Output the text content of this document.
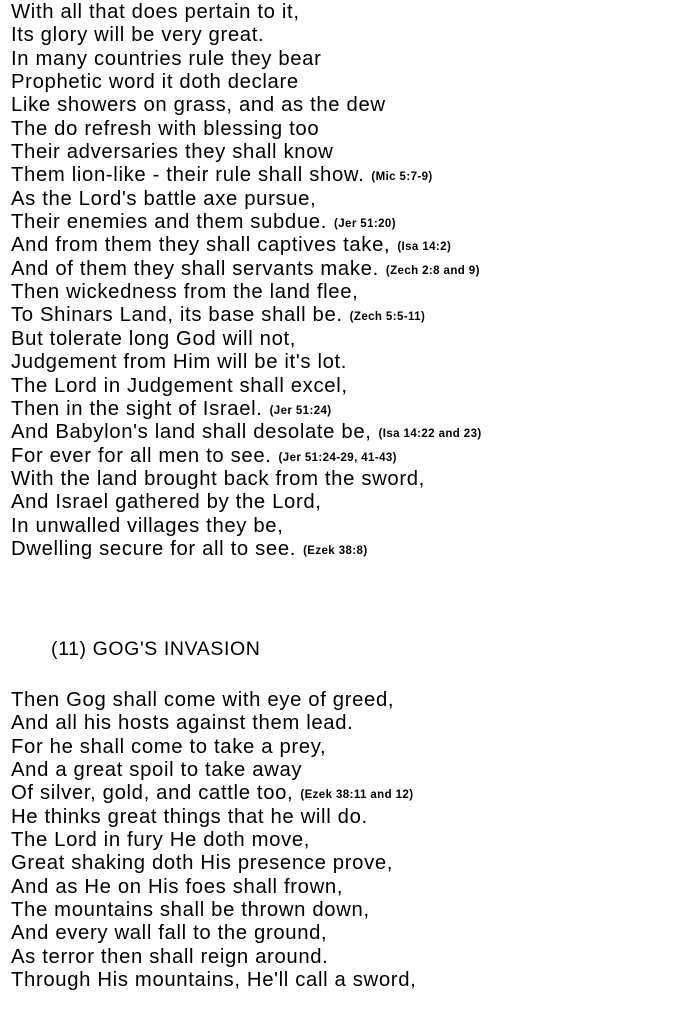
With all that does pertain to it,
Its glory will be very great.
In many countries rule they bear
Prophetic word it doth declare
Like showers on grass, and as the dew
The do refresh with blessing too
Their adversaries they shall know
Them lion-like - their rule shall show. (Mic 5:7-9)
As the Lord's battle axe pursue,
Their enemies and them subdue. (Jer 51:20)
And from them they shall captives take, (Isa 14:2)
And of them they shall servants make. (Zech 2:8 and 9)
Then wickedness from the land flee,
To Shinars Land, its base shall be. (Zech 5:5-11)
But tolerate long God will not,
Judgement from Him will be it's lot.
The Lord in Judgement shall excel,
Then in the sight of Israel. (Jer 51:24)
And Babylon's land shall desolate be, (Isa 14:22 and 23)
For ever for all men to see. (Jer 51:24-29, 41-43)
With the land brought back from the sword,
And Israel gathered by the Lord,
In unwalled villages they be,
Dwelling secure for all to see. (Ezek 38:8)
(11) GOG'S INVASION
Then Gog shall come with eye of greed,
And all his hosts against them lead.
For he shall come to take a prey,
And a great spoil to take away
Of silver, gold, and cattle too, (Ezek 38:11 and 12)
He thinks great things that he will do.
The Lord in fury He doth move,
Great shaking doth His presence prove,
And as He on His foes shall frown,
The mountains shall be thrown down,
And every wall fall to the ground,
As terror then shall reign around.
Through His mountains, He'll call a sword,
